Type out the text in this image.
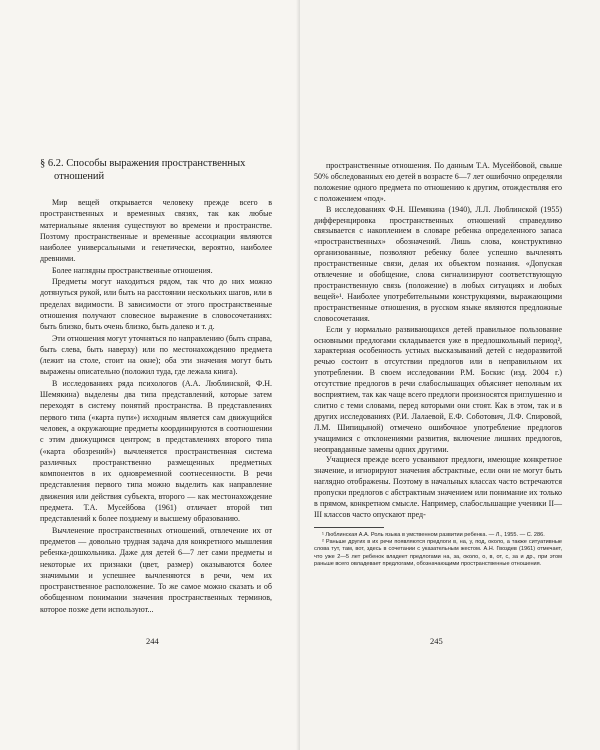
§ 6.2. Способы выражения пространственных отношений

Мир вещей открывается человеку прежде всего в пространственных и временных связях, так как любые материальные явления существуют во времени и пространстве. Позтому пространственные и временные ассоциации являются наиболее универсальными и генетически, вероятно, наиболее древними.

Более наглядны пространственные отношения.

Предметы могут находиться рядом, так что до них можно дотянуться рукой, или быть на расстоянии нескольких шагов, или в пределах видимости. В зависимости от этого пространственные отношения получают словесное выражение в словосочетаниях: быть близко, быть очень близко, быть далеко и т. д.

Эти отношения могут уточняться по направлению (быть справа, быть слева, быть наверху) или по местонахождению предмета (лежит на столе, стоит на окне); оба эти значения могут быть выражены описательно (положил туда, где лежала книга).

В исследованиях ряда психологов (А.А. Люблинской, Ф.Н. Шемякина) выделены два типа представлений, которые затем переходят в систему понятий пространства. В представлениях первого типа («карта пути») исходным является сам движущийся человек, а окружающие предметы координируются в соотношении с этим движущимся центром; в представлениях второго типа («карта обозрений») вычленяется пространственная система различных пространственно размещенных предметных компонентов в их одновременной соотнесенности. В речи представления первого типа можно выделить как направление движения или действия субъекта, второго — как местонахождение предмета. Т.А. Мусейбова (1961) отличает второй тип представлений к более позднему и высшему образованию.

Вычленение пространственных отношений, отвлечение их от предметов — довольно трудная задача для конкретного мышления ребенка-дошкольника. Даже для детей 6—7 лет сами предметы и некоторые их признаки (цвет, размер) оказываются более значимыми и успешнее вычленяются в речи, чем их пространственное расположение. То же самое можно сказать и об обобщенном понимании значения пространственных терминов, которое позже дети используют...

244

пространственные отношения. По данным Т.А. Мусейбовой, свыше 50% обследованных ею детей в возрасте 6—7 лет ошибочно определяли положение одного предмета по отношению к другим, отождествляя его с положением «под».

В исследованиях Ф.Н. Шемякина (1940), Л.Л. Люблинской (1955) дифференцировка пространственных отношений справедливо связывается с накоплением в словаре ребенка определенного запаса «пространственных» обозначений. Лишь слова, конструктивно организованные, позволяют ребенку более успешно вычленять пространственные связи, делая их объектом познания. «Допуская отвлечение и обобщение, слова сигнализируют соответствующую пространственную связь (положение) в любых ситуациях и любых вещей»¹. Наиболее употребительными конструкциями, выражающими пространственные отношения, в русском языке являются предложные словосочетания.

Если у нормально развивающихся детей правильное пользование основными предлогами складывается уже в предлошкольный период², характерная особенность устных высказываний детей с недоразвитой речью состоит в отсутствии предлогов или в неправильном их употреблении. В своем исследовании Р.М. Боскис (изд. 2004 г.) отсутствие предлогов в речи слабослышащих объясняет неполным их восприятием, так как чаще всего предлоги произносятся приглушенно и слитно с теми словами, перед которыми они стоят. Как в этом, так и в других исследованиях (Р.И. Лалаевой, Е.Ф. Соботович, Л.Ф. Спировой, Л.М. Шипицыной) отмечено ошибочное употребление предлогов учащимися с отклонениями развития, включение лишних предлогов, неоправданные замены одних другими.

Учащиеся прежде всего усваивают предлоги, имеющие конкретное значение, и игнорируют значения абстрактные, если они не могут быть наглядно отображены. Поэтому в начальных классах часто встречаются пропуски предлогов с абстрактным значением или понимание их только в прямом, конкретном смысле. Например, слабослышащие ученики II—III классов часто опускают пред-

¹ Люблинская А.А. Роль языка в умственном развитии ребенка. — Л., 1955. — С. 286.

² Раньше других в их речи появляются предлоги в, на, у, под, около, а также ситуативные слова тут, там, вот, здесь в сочетании с указательным жестом. А.Н. Гвоздев (1961) отмечает, что уже 2—5 лет ребенок владеет предлогами на, за, около, о, в, от, с, за и др., при этом раньше всего овладевает предлогами, обозначающими пространственные отношения.

245
